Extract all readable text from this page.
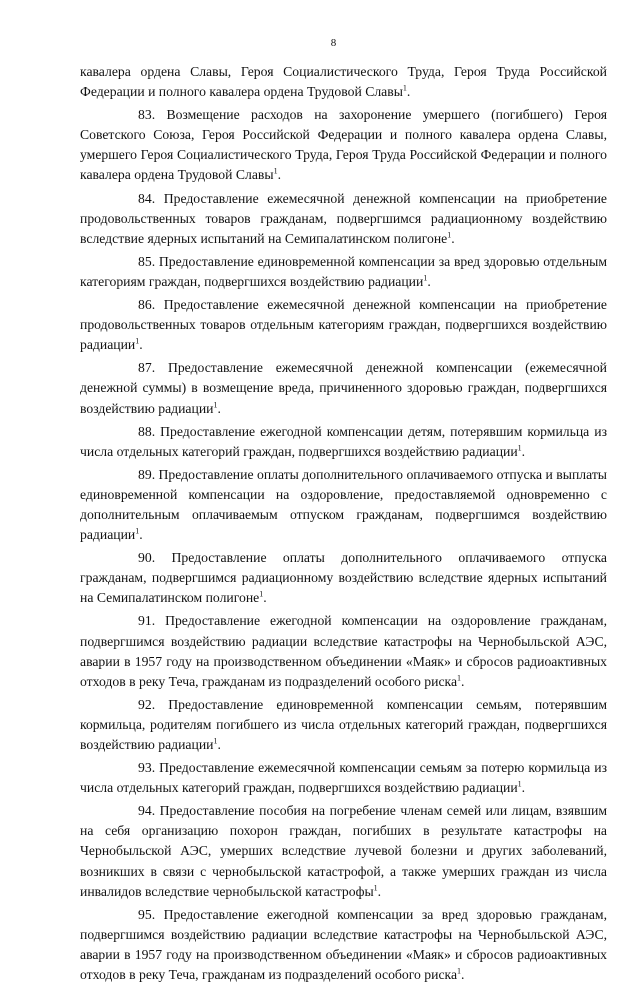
8

кавалера ордена Славы, Героя Социалистического Труда, Героя Труда Российской Федерации и полного кавалера ордена Трудовой Славы$^1$.

83. Возмещение расходов на захоронение умершего (погибшего) Героя Советского Союза, Героя Российской Федерации и полного кавалера ордена Славы, умершего Героя Социалистического Труда, Героя Труда Российской Федерации и полного кавалера ордена Трудовой Славы$^1$.

84. Предоставление ежемесячной денежной компенсации на приобретение продовольственных товаров гражданам, подвергшимся радиационному воздействию вследствие ядерных испытаний на Семипалатинском полигоне$^1$.

85. Предоставление единовременной компенсации за вред здоровью отдельным категориям граждан, подвергшихся воздействию радиации$^1$.

86. Предоставление ежемесячной денежной компенсации на приобретение продовольственных товаров отдельным категориям граждан, подвергшихся воздействию радиации$^1$.

87. Предоставление ежемесячной денежной компенсации (ежемесячной денежной суммы) в возмещение вреда, причиненного здоровью граждан, подвергшихся воздействию радиации$^1$.

88. Предоставление ежегодной компенсации детям, потерявшим кормильца из числа отдельных категорий граждан, подвергшихся воздействию радиации$^1$.

89. Предоставление оплаты дополнительного оплачиваемого отпуска и выплаты единовременной компенсации на оздоровление, предоставляемой одновременно с дополнительным оплачиваемым отпуском гражданам, подвергшимся воздействию радиации$^1$.

90. Предоставление оплаты дополнительного оплачиваемого отпуска гражданам, подвергшимся радиационному воздействию вследствие ядерных испытаний на Семипалатинском полигоне$^1$.

91. Предоставление ежегодной компенсации на оздоровление гражданам, подвергшимся воздействию радиации вследствие катастрофы на Чернобыльской АЭС, аварии в 1957 году на производственном объединении «Маяк» и сбросов радиоактивных отходов в реку Теча, гражданам из подразделений особого риска$^1$.

92. Предоставление единовременной компенсации семьям, потерявшим кормильца, родителям погибшего из числа отдельных категорий граждан, подвергшихся воздействию радиации$^1$.

93. Предоставление ежемесячной компенсации семьям за потерю кормильца из числа отдельных категорий граждан, подвергшихся воздействию радиации$^1$.

94. Предоставление пособия на погребение членам семей или лицам, взявшим на себя организацию похорон граждан, погибших в результате катастрофы на Чернобыльской АЭС, умерших вследствие лучевой болезни и других заболеваний, возникших в связи с чернобыльской катастрофой, а также умерших граждан из числа инвалидов вследствие чернобыльской катастрофы$^1$.

95. Предоставление ежегодной компенсации за вред здоровью гражданам, подвергшимся воздействию радиации вследствие катастрофы на Чернобыльской АЭС, аварии в 1957 году на производственном объединении «Маяк» и сбросов радиоактивных отходов в реку Теча, гражданам из подразделений особого риска$^1$.
